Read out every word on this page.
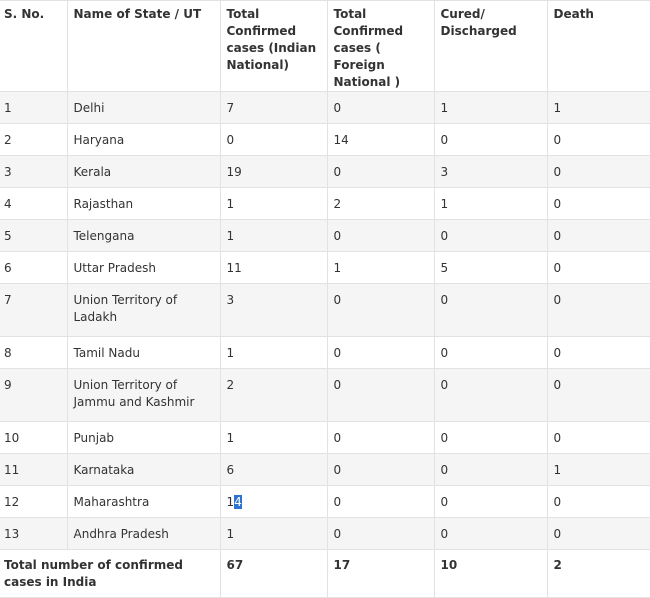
S. No.	Name of State / UT	Total Confirmed cases (Indian National)	Total Confirmed cases ( Foreign National )	Cured/ Discharged	Death
1	Delhi	7	0	1	1
2	Haryana	0	14	0	0
3	Kerala	19	0	3	0
4	Rajasthan	1	2	1	0
5	Telengana	1	0	0	0
6	Uttar Pradesh	11	1	5	0
7	Union Territory of Ladakh	3	0	0	0
8	Tamil Nadu	1	0	0	0
9	Union Territory of Jammu and Kashmir	2	0	0	0
10	Punjab	1	0	0	0
11	Karnataka	6	0	0	1
12	Maharashtra	14	0	0	0
13	Andhra Pradesh	1	0	0	0
Total number of confirmed cases in India		67	17	10	2
